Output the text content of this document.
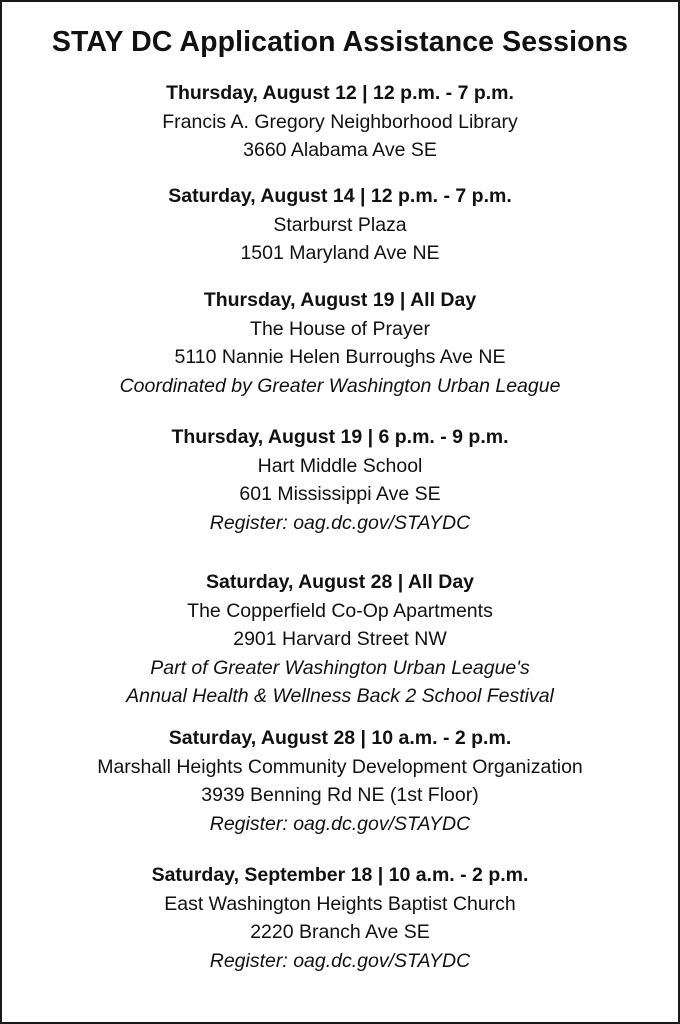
STAY DC Application Assistance Sessions
Thursday, August 12 | 12 p.m. - 7 p.m.
Francis A. Gregory Neighborhood Library
3660 Alabama Ave SE
Saturday, August 14 | 12 p.m. - 7 p.m.
Starburst Plaza
1501 Maryland Ave NE
Thursday, August 19 | All Day
The House of Prayer
5110 Nannie Helen Burroughs Ave NE
Coordinated by Greater Washington Urban League
Thursday, August 19 | 6 p.m. - 9 p.m.
Hart Middle School
601 Mississippi Ave SE
Register: oag.dc.gov/STAYDC
Saturday, August 28 | All Day
The Copperfield Co-Op Apartments
2901 Harvard Street NW
Part of Greater Washington Urban League's
Annual Health & Wellness Back 2 School Festival
Saturday, August 28 | 10 a.m. - 2 p.m.
Marshall Heights Community Development Organization
3939 Benning Rd NE (1st Floor)
Register: oag.dc.gov/STAYDC
Saturday, September 18 | 10 a.m. - 2 p.m.
East Washington Heights Baptist Church
2220 Branch Ave SE
Register: oag.dc.gov/STAYDC
